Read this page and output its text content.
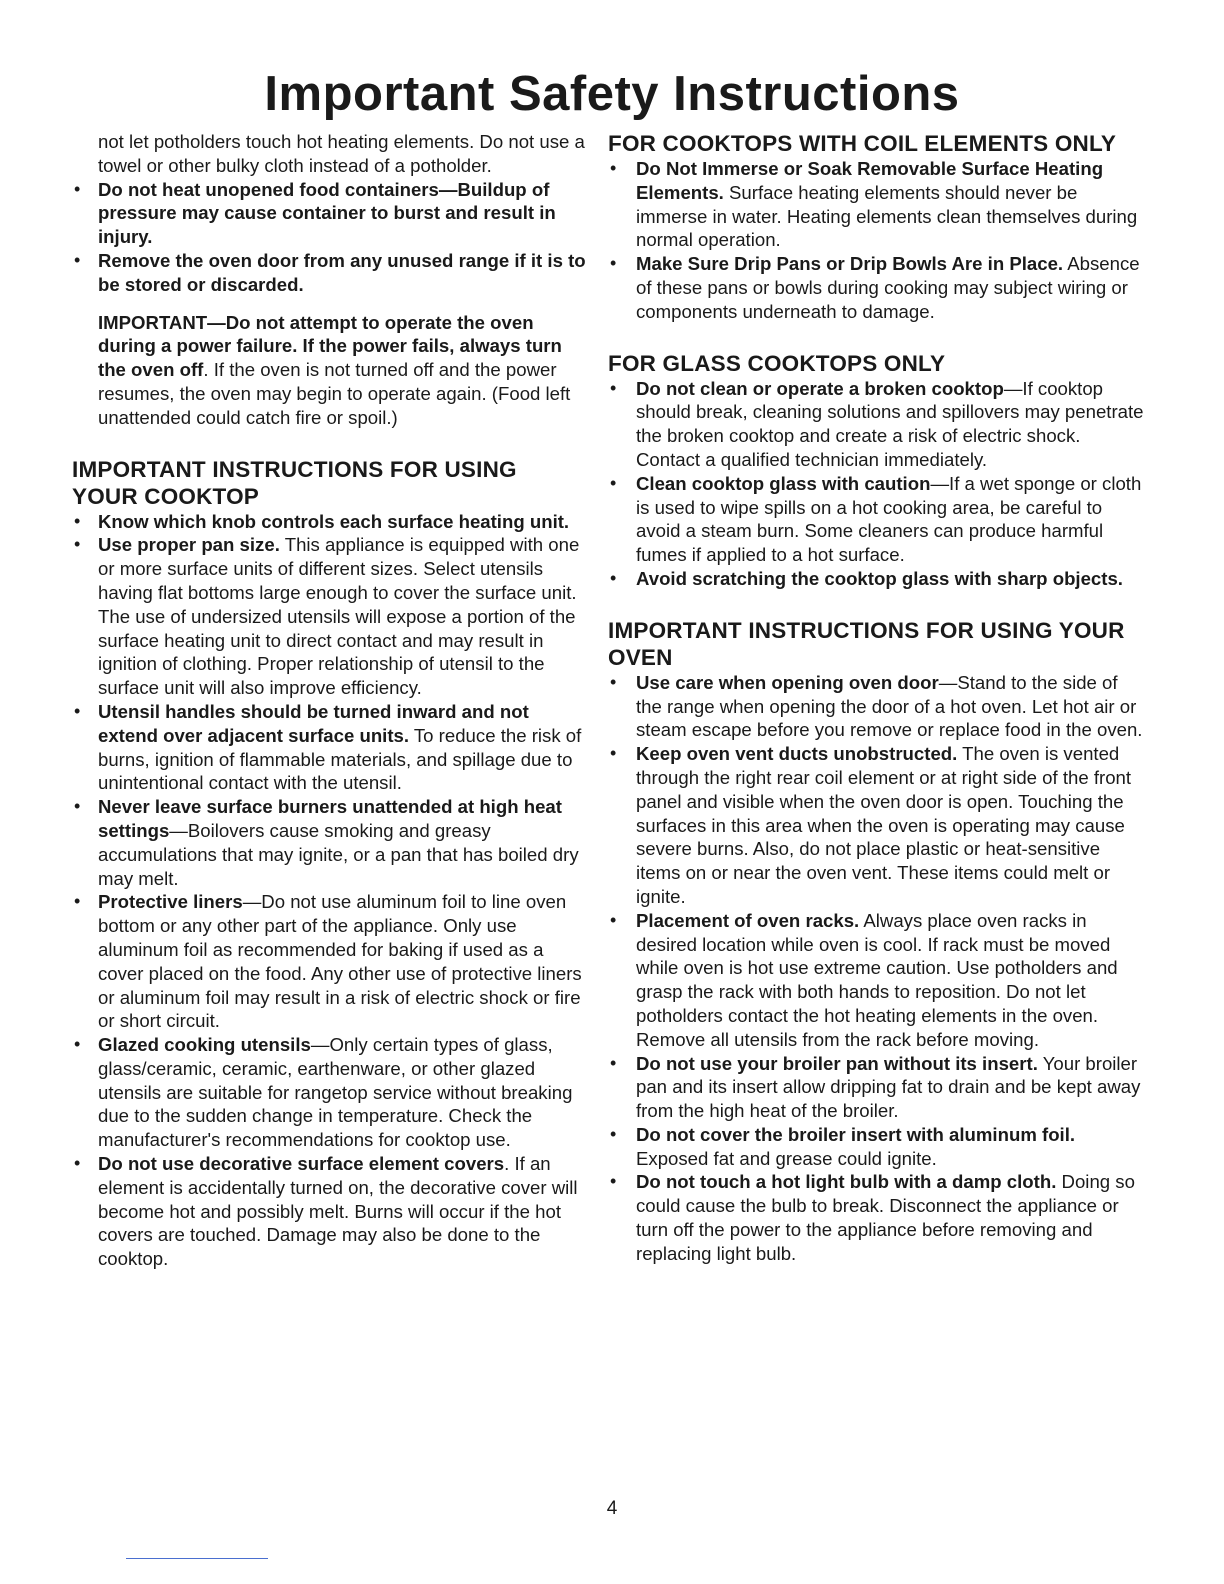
Important Safety Instructions

not let potholders touch hot heating elements. Do not use a towel or other bulky cloth instead of a potholder.

• Do not heat unopened food containers—Buildup of pressure may cause container to burst and result in injury.
• Remove the oven door from any unused range if it is to be stored or discarded.

IMPORTANT—Do not attempt to operate the oven during a power failure. If the power fails, always turn the oven off. If the oven is not turned off and the power resumes, the oven may begin to operate again. (Food left unattended could catch fire or spoil.)

IMPORTANT INSTRUCTIONS FOR USING YOUR COOKTOP
• Know which knob controls each surface heating unit.
• Use proper pan size. This appliance is equipped with one or more surface units of different sizes. Select utensils having flat bottoms large enough to cover the surface unit. The use of undersized utensils will expose a portion of the surface heating unit to direct contact and may result in ignition of clothing. Proper relationship of utensil to the surface unit will also improve efficiency.
• Utensil handles should be turned inward and not extend over adjacent surface units. To reduce the risk of burns, ignition of flammable materials, and spillage due to unintentional contact with the utensil.
• Never leave surface burners unattended at high heat settings—Boilovers cause smoking and greasy accumulations that may ignite, or a pan that has boiled dry may melt.
• Protective liners—Do not use aluminum foil to line oven bottom or any other part of the appliance. Only use aluminum foil as recommended for baking if used as a cover placed on the food. Any other use of protective liners or aluminum foil may result in a risk of electric shock or fire or short circuit.
• Glazed cooking utensils—Only certain types of glass, glass/ceramic, ceramic, earthenware, or other glazed utensils are suitable for rangetop service without breaking due to the sudden change in temperature. Check the manufacturer's recommendations for cooktop use.
• Do not use decorative surface element covers. If an element is accidentally turned on, the decorative cover will become hot and possibly melt. Burns will occur if the hot covers are touched. Damage may also be done to the cooktop.
FOR COOKTOPS WITH COIL ELEMENTS ONLY
• Do Not Immerse or Soak Removable Surface Heating Elements. Surface heating elements should never be immerse in water. Heating elements clean themselves during normal operation.
• Make Sure Drip Pans or Drip Bowls Are in Place. Absence of these pans or bowls during cooking may subject wiring or components underneath to damage.
FOR GLASS COOKTOPS ONLY
• Do not clean or operate a broken cooktop—If cooktop should break, cleaning solutions and spillovers may penetrate the broken cooktop and create a risk of electric shock. Contact a qualified technician immediately.
• Clean cooktop glass with caution—If a wet sponge or cloth is used to wipe spills on a hot cooking area, be careful to avoid a steam burn. Some cleaners can produce harmful fumes if applied to a hot surface.
• Avoid scratching the cooktop glass with sharp objects.
IMPORTANT INSTRUCTIONS FOR USING YOUR OVEN
• Use care when opening oven door—Stand to the side of the range when opening the door of a hot oven. Let hot air or steam escape before you remove or replace food in the oven.
• Keep oven vent ducts unobstructed. The oven is vented through the right rear coil element or at right side of the front panel and visible when the oven door is open. Touching the surfaces in this area when the oven is operating may cause severe burns. Also, do not place plastic or heat-sensitive items on or near the oven vent. These items could melt or ignite.
• Placement of oven racks. Always place oven racks in desired location while oven is cool. If rack must be moved while oven is hot use extreme caution. Use potholders and grasp the rack with both hands to reposition. Do not let potholders contact the hot heating elements in the oven. Remove all utensils from the rack before moving.
• Do not use your broiler pan without its insert. Your broiler pan and its insert allow dripping fat to drain and be kept away from the high heat of the broiler.
• Do not cover the broiler insert with aluminum foil. Exposed fat and grease could ignite.
• Do not touch a hot light bulb with a damp cloth. Doing so could cause the bulb to break. Disconnect the appliance or turn off the power to the appliance before removing and replacing light bulb.
4
